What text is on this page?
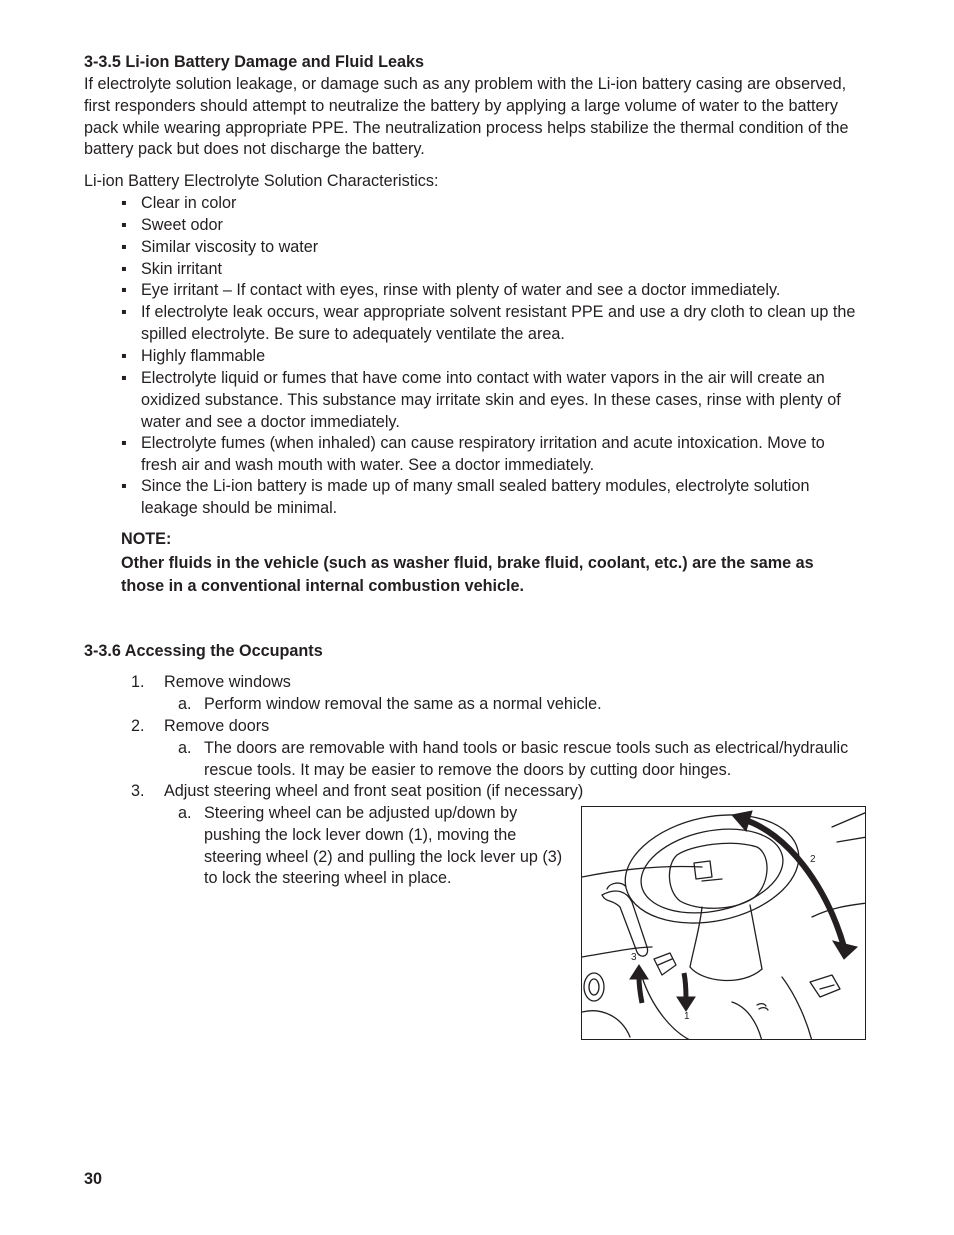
3-3.5 Li-ion Battery Damage and Fluid Leaks

If electrolyte solution leakage, or damage such as any problem with the Li-ion battery casing are observed,

first responders should attempt to neutralize the battery by applying a large volume of water to the battery

pack while wearing appropriate PPE. The neutralization process helps stabilize the thermal condition of the

battery pack but does not discharge the battery.

Li-ion Battery Electrolyte Solution Characteristics:
▪ Clear in color
▪ Sweet odor
▪ Similar viscosity to water
▪ Skin irritant
▪ Eye irritant – If contact with eyes, rinse with plenty of water and see a doctor immediately.
▪ If electrolyte leak occurs, wear appropriate solvent resistant PPE and use a dry cloth to clean up the
spilled electrolyte. Be sure to adequately ventilate the area.
▪ Highly flammable
▪ Electrolyte liquid or fumes that have come into contact with water vapors in the air will create an
oxidized substance. This substance may irritate skin and eyes. In these cases, rinse with plenty of
water and see a doctor immediately.
▪ Electrolyte fumes (when inhaled) can cause respiratory irritation and acute intoxication. Move to
fresh air and wash mouth with water. See a doctor immediately.
▪ Since the Li-ion battery is made up of many small sealed battery modules, electrolyte solution
leakage should be minimal.
NOTE:

Other fluids in the vehicle (such as washer fluid, brake fluid, coolant, etc.) are the same as

those in a conventional internal combustion vehicle.

3-3.6 Accessing the Occupants
1. Remove windows
a. Perform window removal the same as a normal vehicle.
2. Remove doors
a. The doors are removable with hand tools or basic rescue tools such as electrical/hydraulic

rescue tools. It may be easier to remove the doors by cutting door hinges.

3. Adjust steering wheel and front seat position (if necessary)
a. Steering wheel can be adjusted up/down by

pushing the lock lever down (1), moving the

steering wheel (2) and pulling the lock lever up (3)

to lock the steering wheel in place.

2
3
1
30
